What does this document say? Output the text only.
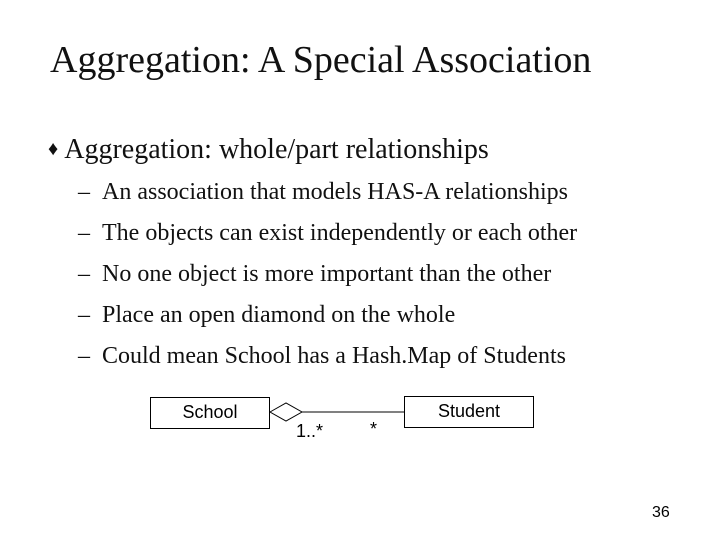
Aggregation: A Special Association
♦ Aggregation: whole/part relationships
– An association that models HAS-A relationships
– The objects can exist independently or each other
– No one object is more important than the other
– Place an open diamond on the whole
– Could mean School has a Hash.Map of Students
School	Student
1..*	*
36
